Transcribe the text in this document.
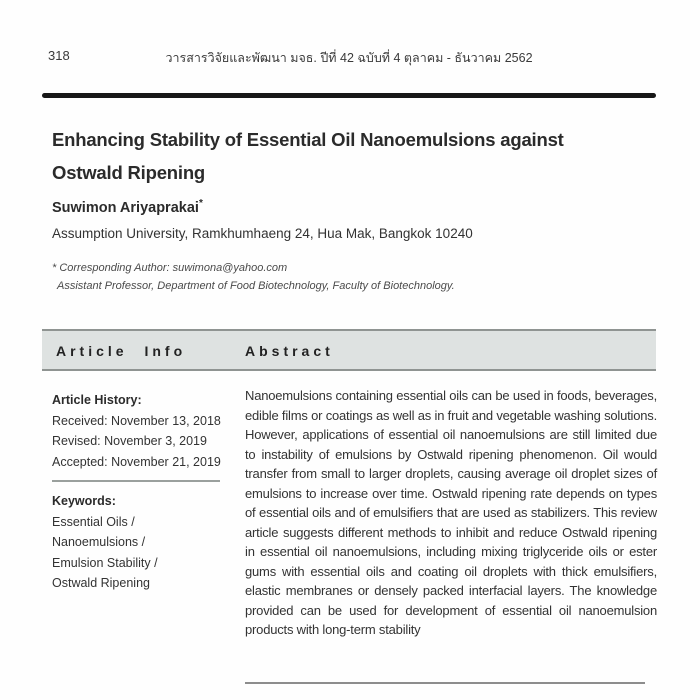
318	วารสารวิจัยและพัฒนา มจธ. ปีที่ 42 ฉบับที่ 4 ตุลาคม - ธันวาคม 2562
Enhancing Stability of Essential Oil Nanoemulsions against Ostwald Ripening
Suwimon Ariyaprakai*
Assumption University, Ramkhumhaeng 24, Hua Mak, Bangkok 10240
* Corresponding Author: suwimona@yahoo.com
Assistant Professor, Department of Food Biotechnology, Faculty of Biotechnology.
Article Info	Abstract
Article History:
Received: November 13, 2018
Revised: November 3, 2019
Accepted: November 21, 2019
Keywords:
Essential Oils /
Nanoemulsions /
Emulsion Stability /
Ostwald Ripening

Nanoemulsions containing essential oils can be used in foods, beverages, edible films or coatings as well as in fruit and vegetable washing solutions. However, applications of essential oil nanoemulsions are still limited due to instability of emulsions by Ostwald ripening phenomenon. Oil would transfer from small to larger droplets, causing average oil droplet sizes of emulsions to increase over time. Ostwald ripening rate depends on types of essential oils and of emulsifiers that are used as stabilizers. This review article suggests different methods to inhibit and reduce Ostwald ripening in essential oil nanoemulsions, including mixing triglyceride oils or ester gums with essential oils and coating oil droplets with thick emulsifiers, elastic membranes or densely packed interfacial layers. The knowledge provided can be used for development of essential oil nanoemulsion products with long-term stability
